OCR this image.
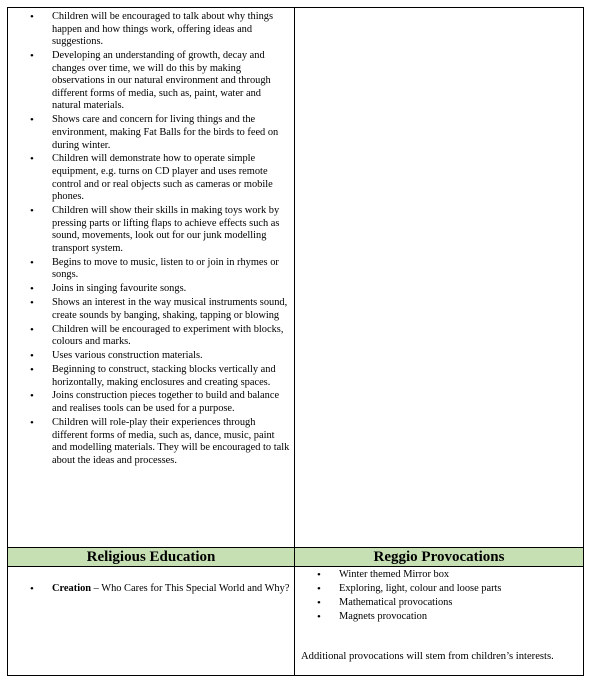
• Children will be encouraged to talk about why things happen and how things work, offering ideas and suggestions.
• Developing an understanding of growth, decay and changes over time, we will do this by making observations in our natural environment and through different forms of media, such as, paint, water and natural materials.
• Shows care and concern for living things and the environment, making Fat Balls for the birds to feed on during winter.
• Children will demonstrate how to operate simple equipment, e.g. turns on CD player and uses remote control and or real objects such as cameras or mobile phones.
• Children will show their skills in making toys work by pressing parts or lifting flaps to achieve effects such as sound, movements, look out for our junk modelling transport system.
• Begins to move to music, listen to or join in rhymes or songs.
• Joins in singing favourite songs.
• Shows an interest in the way musical instruments sound, create sounds by banging, shaking, tapping or blowing
• Children will be encouraged to experiment with blocks, colours and marks.
• Uses various construction materials.
• Beginning to construct, stacking blocks vertically and horizontally, making enclosures and creating spaces.
• Joins construction pieces together to build and balance and realises tools can be used for a purpose.
• Children will role-play their experiences through different forms of media, such as, dance, music, paint and modelling materials. They will be encouraged to talk about the ideas and processes.
Religious Education	Reggio Provocations
• Creation – Who Cares for This Special World and Why?
• Winter themed Mirror box
• Exploring, light, colour and loose parts
• Mathematical provocations
• Magnets provocation
Additional provocations will stem from children’s interests.
